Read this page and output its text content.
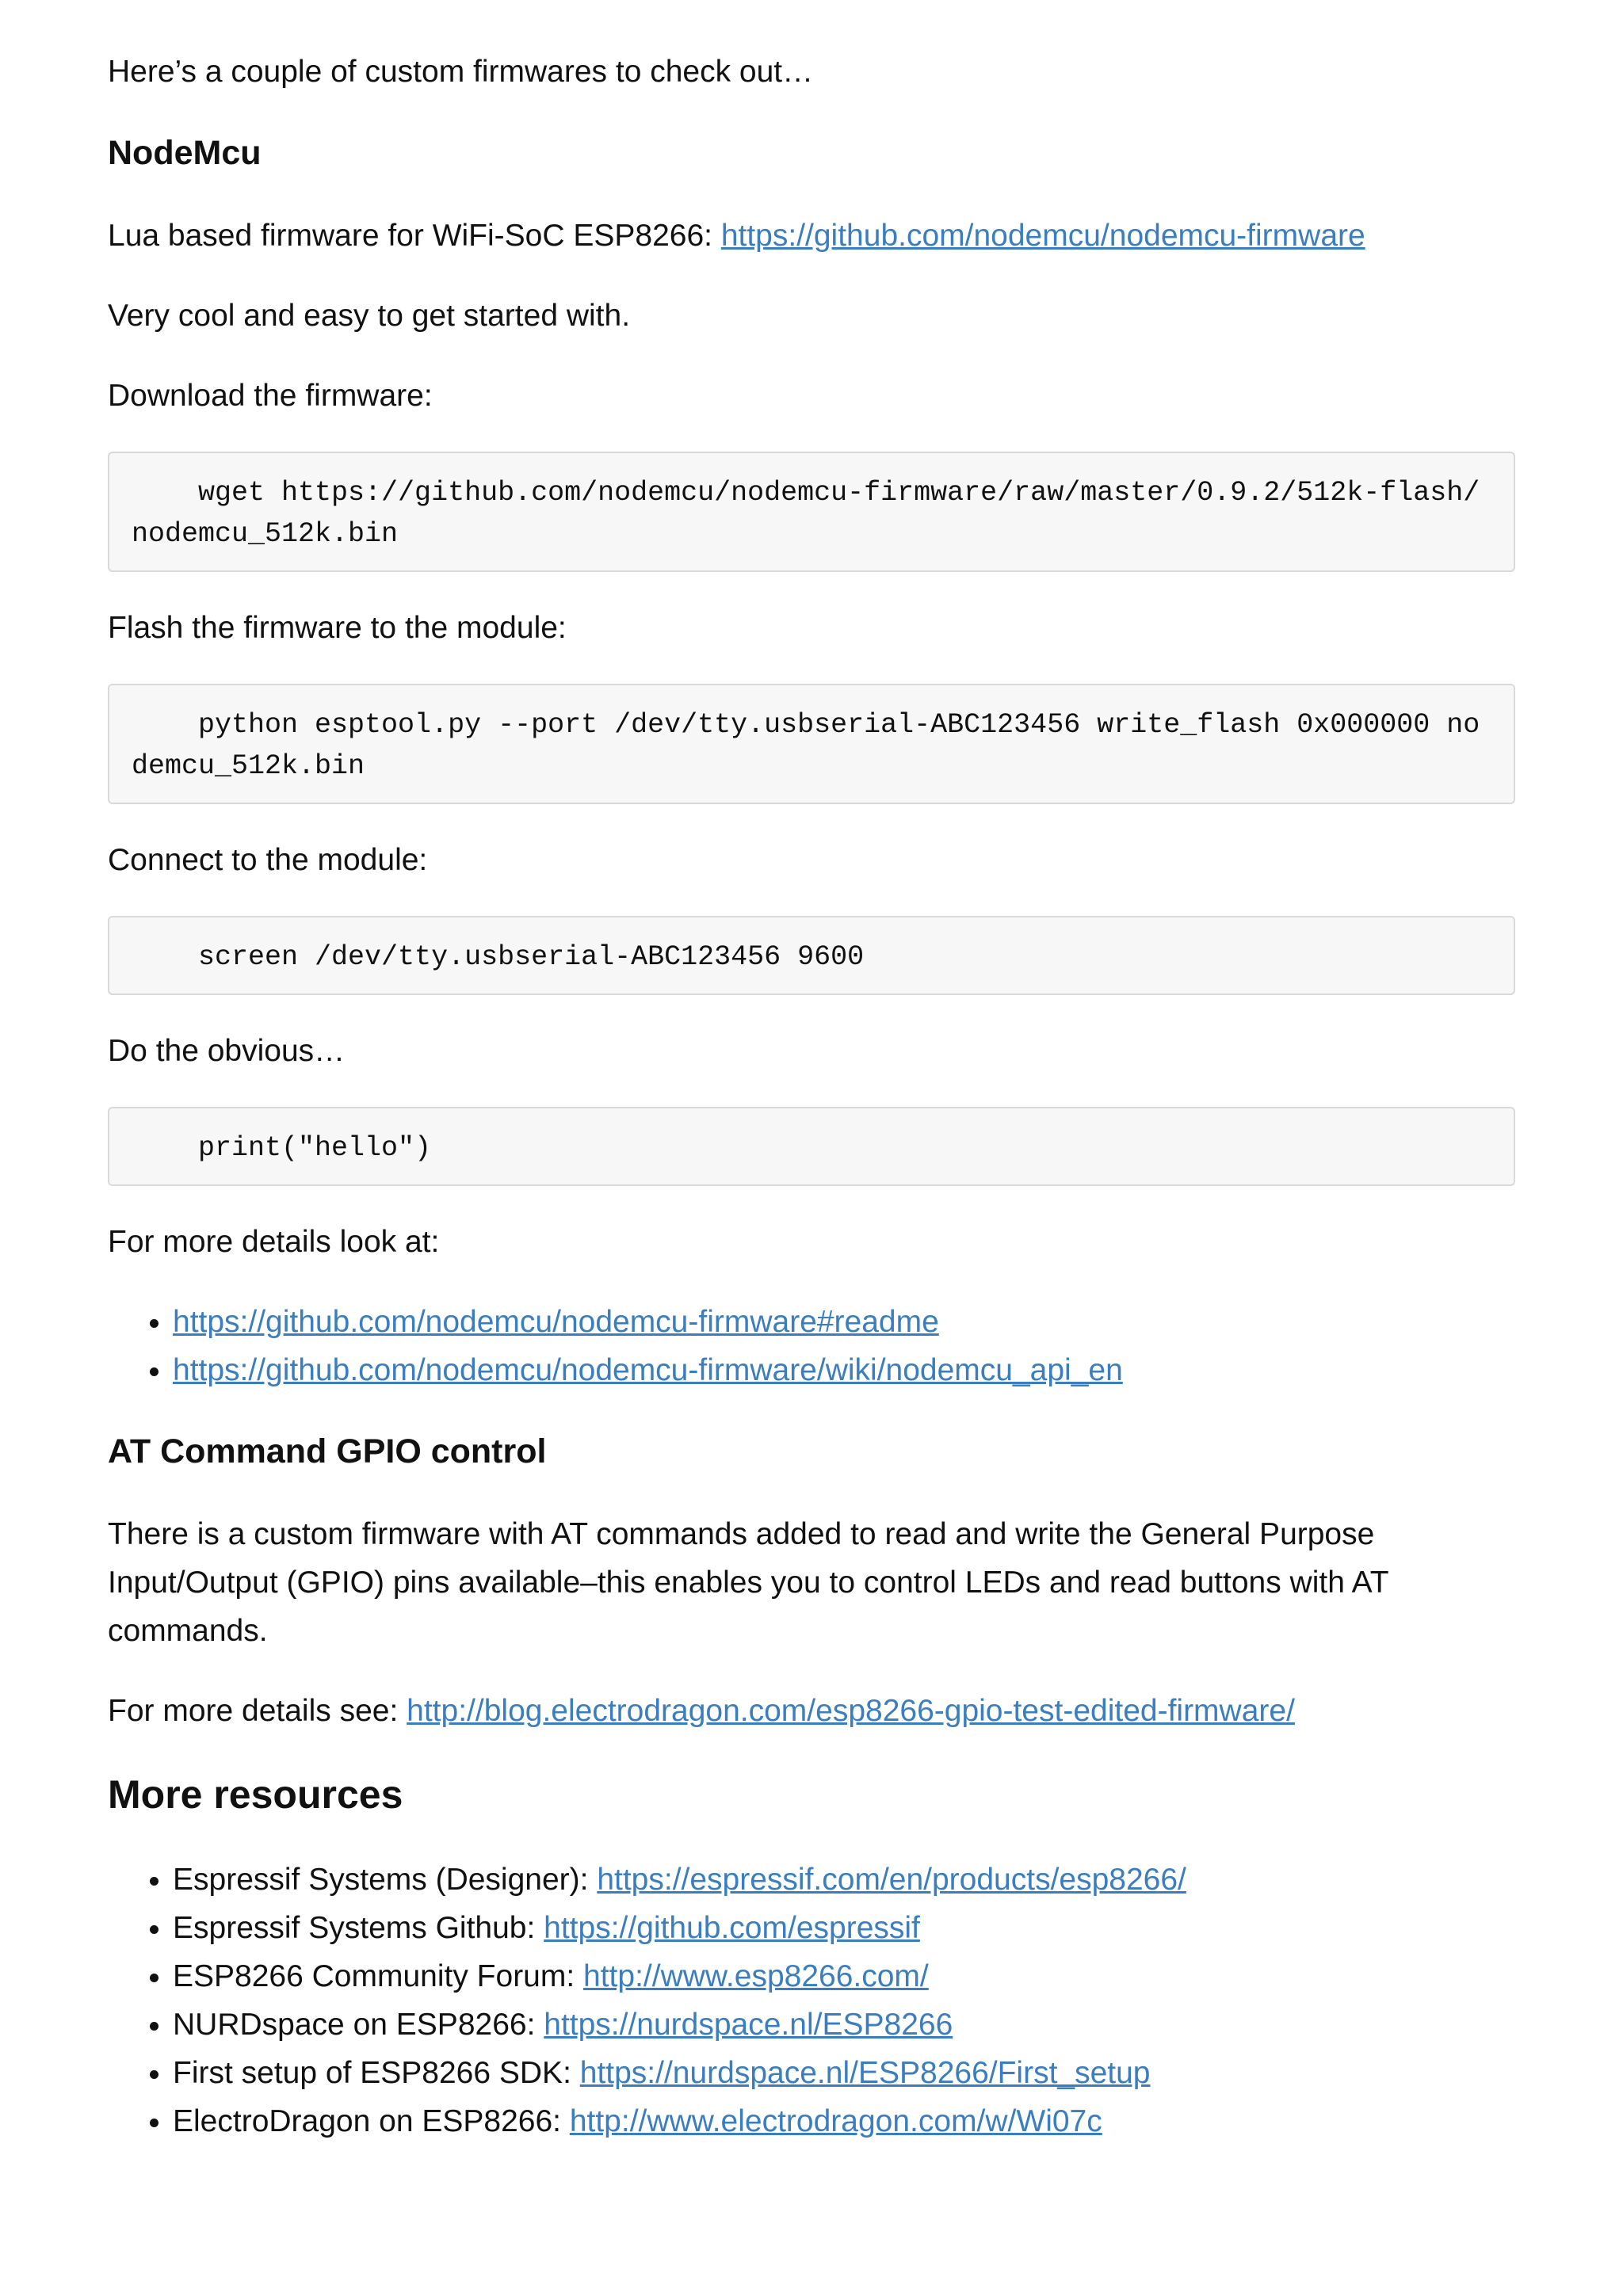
Here’s a couple of custom firmwares to check out…

NodeMcu

Lua based firmware for WiFi-SoC ESP8266: https://github.com/nodemcu/nodemcu-firmware

Very cool and easy to get started with.

Download the firmware:

wget https://github.com/nodemcu/nodemcu-firmware/raw/master/0.9.2/512k-flash/nodemcu_512k.bin

Flash the firmware to the module:

python esptool.py --port /dev/tty.usbserial-ABC123456 write_flash 0x000000 nodemcu_512k.bin

Connect to the module:

screen /dev/tty.usbserial-ABC123456 9600

Do the obvious…

print("hello")

For more details look at:

• https://github.com/nodemcu/nodemcu-firmware#readme
• https://github.com/nodemcu/nodemcu-firmware/wiki/nodemcu_api_en
AT Command GPIO control

There is a custom firmware with AT commands added to read and write the General Purpose Input/Output (GPIO) pins available–this enables you to control LEDs and read buttons with AT commands.

For more details see: http://blog.electrodragon.com/esp8266-gpio-test-edited-firmware/

More resources
• Espressif Systems (Designer): https://espressif.com/en/products/esp8266/
• Espressif Systems Github: https://github.com/espressif
• ESP8266 Community Forum: http://www.esp8266.com/
• NURDspace on ESP8266: https://nurdspace.nl/ESP8266
• First setup of ESP8266 SDK: https://nurdspace.nl/ESP8266/First_setup
• ElectroDragon on ESP8266: http://www.electrodragon.com/w/Wi07c
